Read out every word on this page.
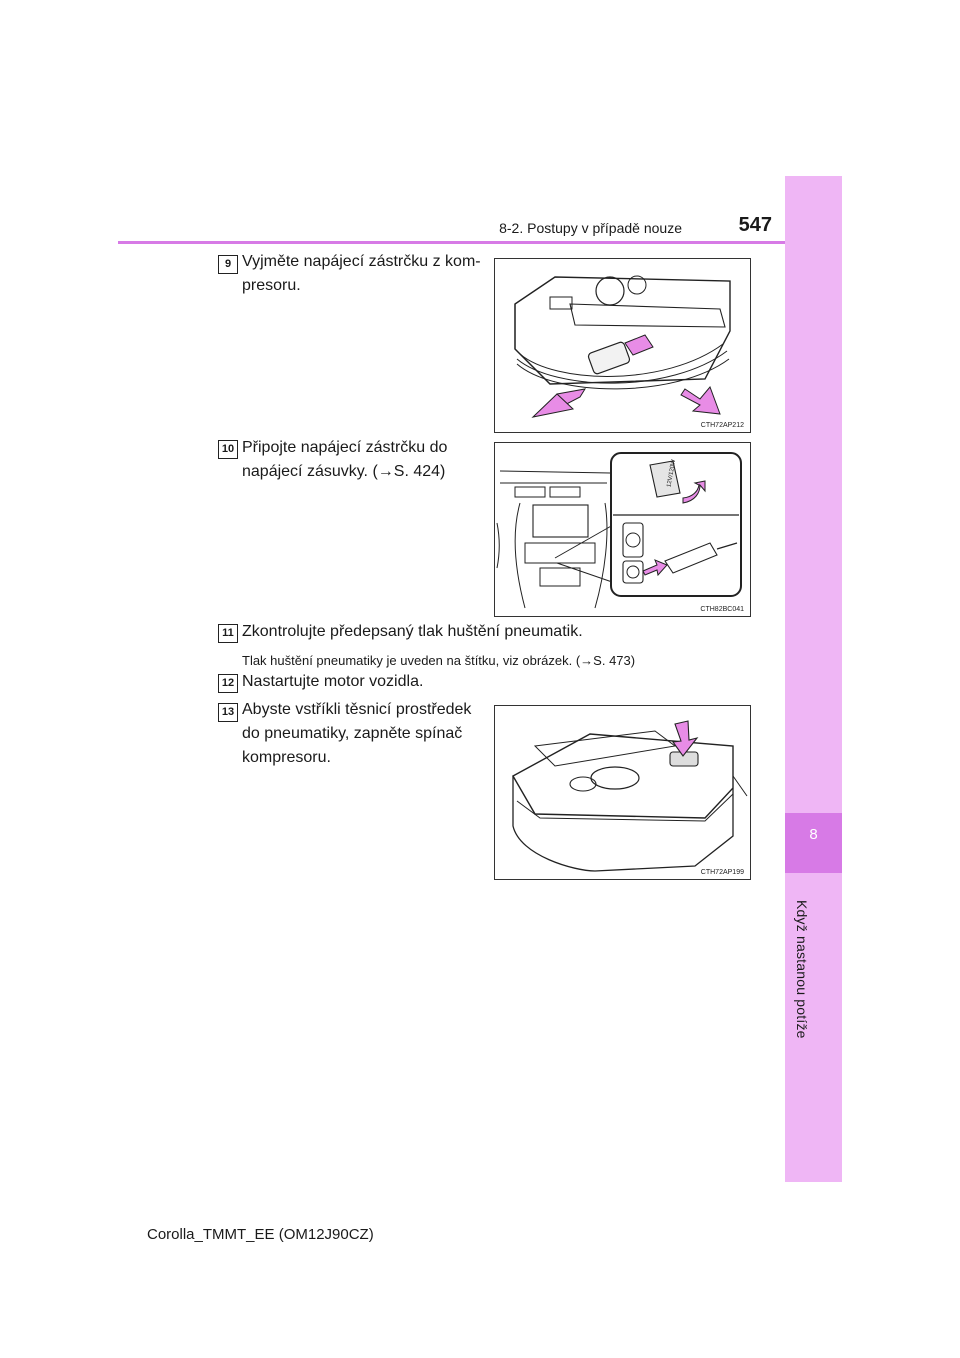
8-2. Postupy v případě nouze	547
8
Když nastanou potíže
9 Vyjměte napájecí zástrčku z kom-
presoru.
CTH72AP212
10 Připojte napájecí zástrčku do
napájecí zásuvky. (→S. 424)	12V/120W
CTH82BC041
11 Zkontrolujte předepsaný tlak huštění pneumatik.
Tlak huštění pneumatiky je uveden na štítku, viz obrázek. (→S. 473)
12 Nastartujte motor vozidla.
13 Abyste vstříkli těsnicí prostředek
do pneumatiky, zapněte spínač
kompresoru.
CTH72AP199
Corolla_TMMT_EE (OM12J90CZ)
